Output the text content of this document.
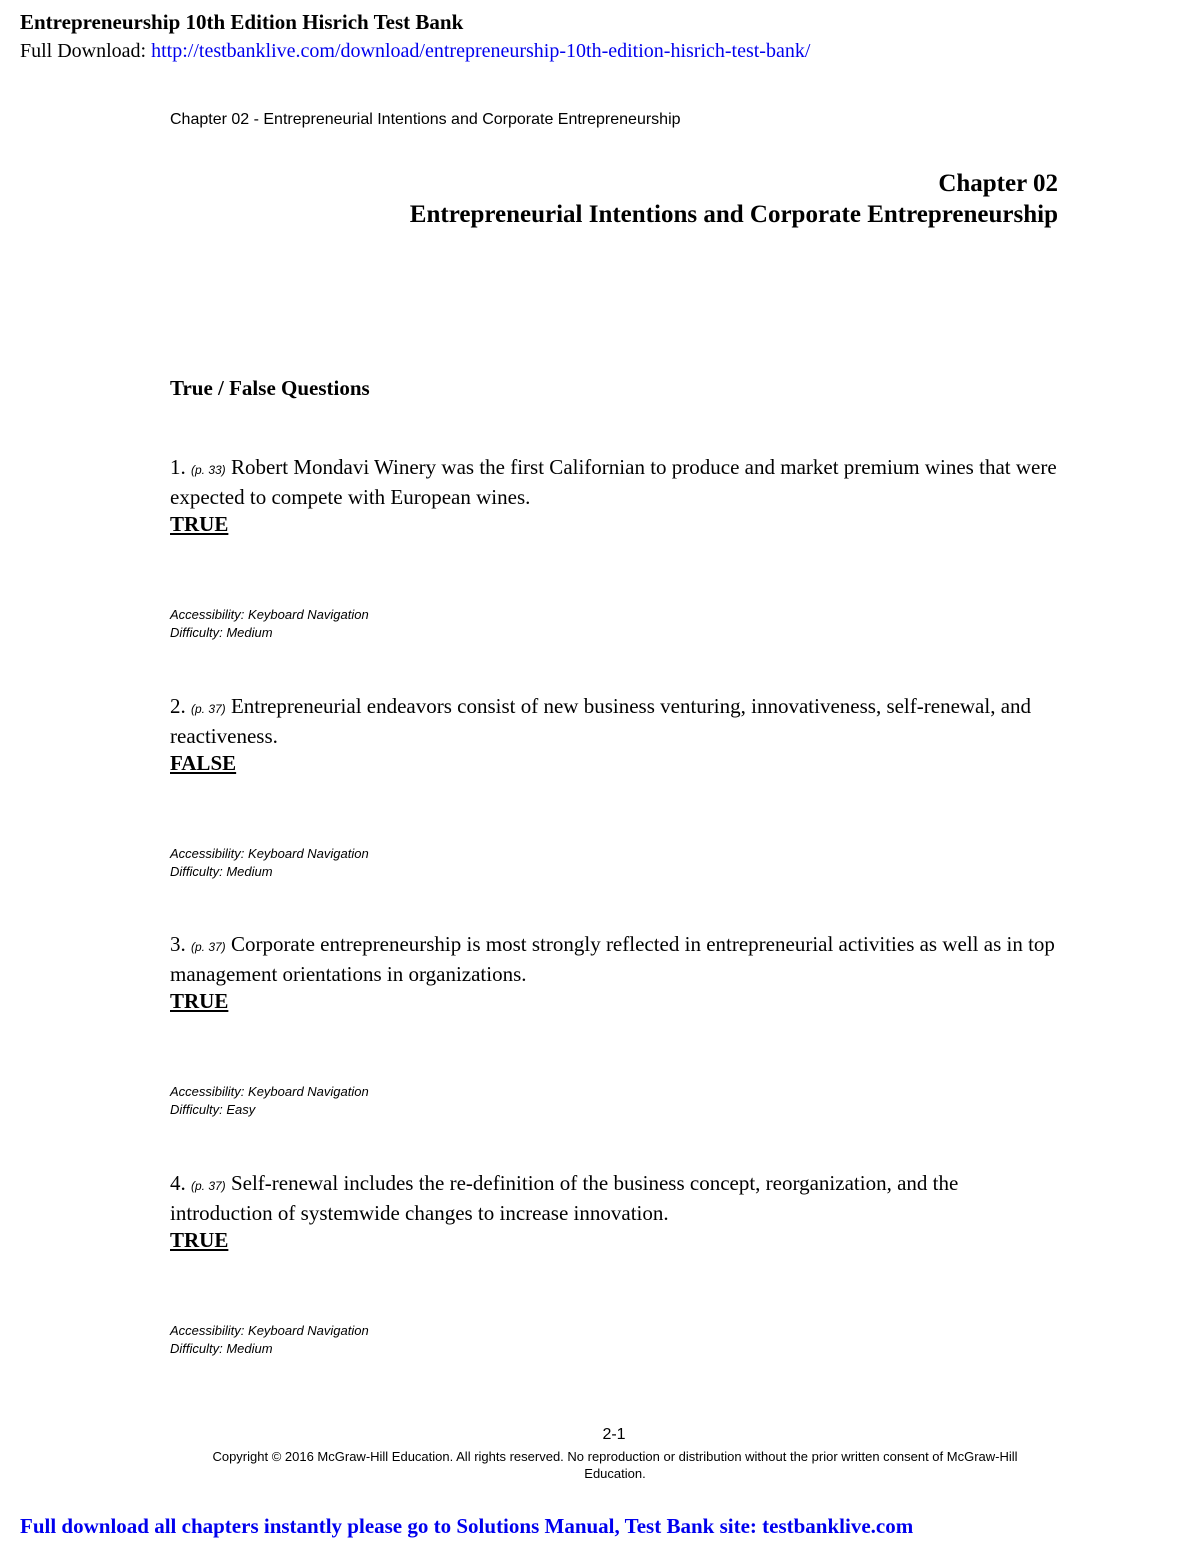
Entrepreneurship 10th Edition Hisrich Test Bank
Full Download: http://testbanklive.com/download/entrepreneurship-10th-edition-hisrich-test-bank/
Chapter 02 - Entrepreneurial Intentions and Corporate Entrepreneurship
Chapter 02
Entrepreneurial Intentions and Corporate Entrepreneurship
True / False Questions
1. (p. 33) Robert Mondavi Winery was the first Californian to produce and market premium wines that were expected to compete with European wines.
TRUE
Accessibility: Keyboard Navigation
Difficulty: Medium
2. (p. 37) Entrepreneurial endeavors consist of new business venturing, innovativeness, self-renewal, and reactiveness.
FALSE
Accessibility: Keyboard Navigation
Difficulty: Medium
3. (p. 37) Corporate entrepreneurship is most strongly reflected in entrepreneurial activities as well as in top management orientations in organizations.
TRUE
Accessibility: Keyboard Navigation
Difficulty: Easy
4. (p. 37) Self-renewal includes the re-definition of the business concept, reorganization, and the introduction of systemwide changes to increase innovation.
TRUE
Accessibility: Keyboard Navigation
Difficulty: Medium
2-1
Copyright © 2016 McGraw-Hill Education. All rights reserved. No reproduction or distribution without the prior written consent of McGraw-Hill Education.
Full download all chapters instantly please go to Solutions Manual, Test Bank site: testbanklive.com
